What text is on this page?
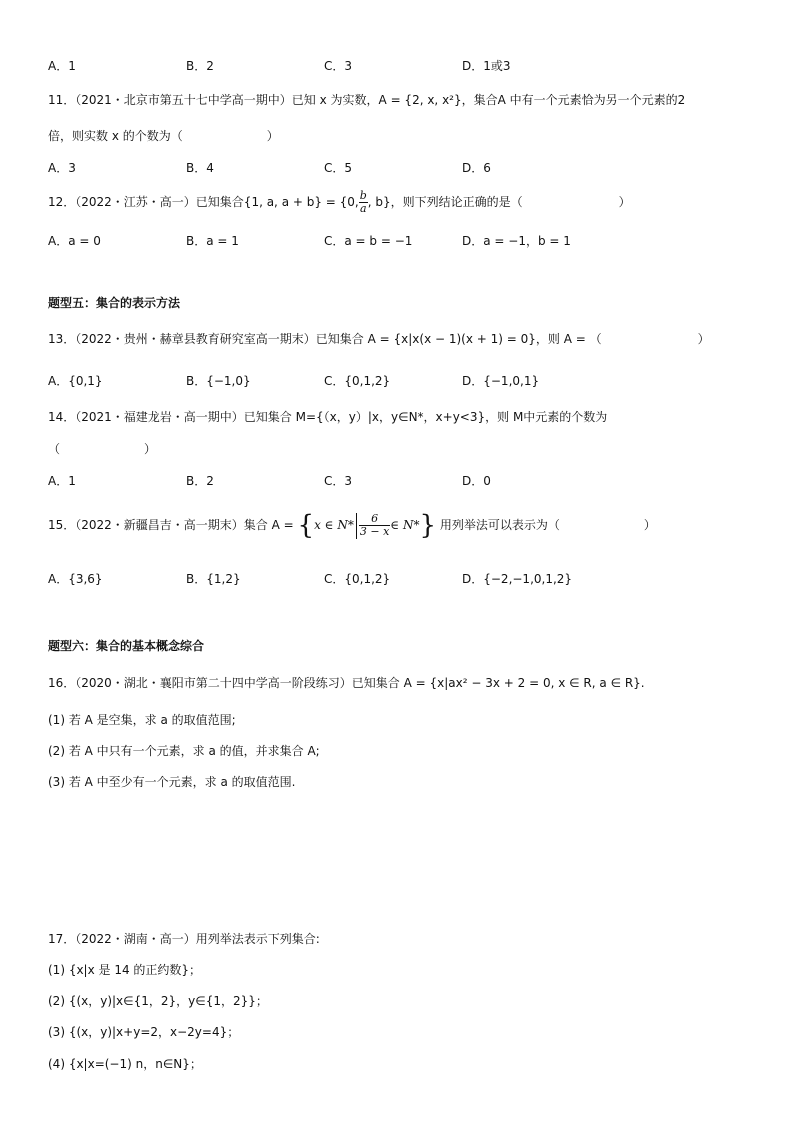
A．1	B．2	C．3	D．1或3
11．（2021・北京市第五十七中学高一期中）已知 x 为实数，A = {2, x, x²}，集合A 中有一个元素恰为另一个元素的2
倍，则实数 x 的个数为（　　　　　　　）
A．3	B．4	C．5	D．6
12．（2022・江苏・高一）已知集合{1, a, a + b} = {0, $\frac{b}{a}$ , b}，则下列结论正确的是（　　　　　　　　）
A．a = 0	B．a = 1	C．a = b = −1	D．a = −1，b = 1
题型五：集合的表示方法
13．（2022・贵州・赫章县教育研究室高一期末）已知集合 A = {x|x(x − 1)(x + 1) = 0}，则 A = （　　　　　　　　）
A．{0,1}	B．{−1,0}	C．{0,1,2}	D．{−1,0,1}
14．（2021・福建龙岩・高一期中）已知集合 M={（x，y）|x，y∈N*，x+y<3}，则 M中元素的个数为
（　　　　　　　）
A．1	B．2	C．3	D．0
15．（2022・新疆昌吉・高一期末）集合 A = {x ∈ $N* \frac{6}{3 - x}$ ∈ N*} 用列举法可以表示为（　　　　　　　）
A．{3,6}	B．{1,2}	C．{0,1,2}	D．{−2,−1,0,1,2}
题型六：集合的基本概念综合
16．（2020・湖北・襄阳市第二十四中学高一阶段练习）已知集合 A = {x|ax² − 3x + 2 = 0, x ∈ R, a ∈ R}.
(1) 若 A 是空集，求 a 的取值范围;
(2) 若 A 中只有一个元素，求 a 的值，并求集合 A;
(3) 若 A 中至少有一个元素，求 a 的取值范围.
17．（2022・湖南・高一）用列举法表示下列集合:
(1) {x|x 是 14 的正约数}；
(2) {(x，y)|x∈{1，2}，y∈{1，2}}；
(3) {(x，y)|x+y=2，x−2y=4}；
(4) {x|x=(−1) n，n∈N}；
